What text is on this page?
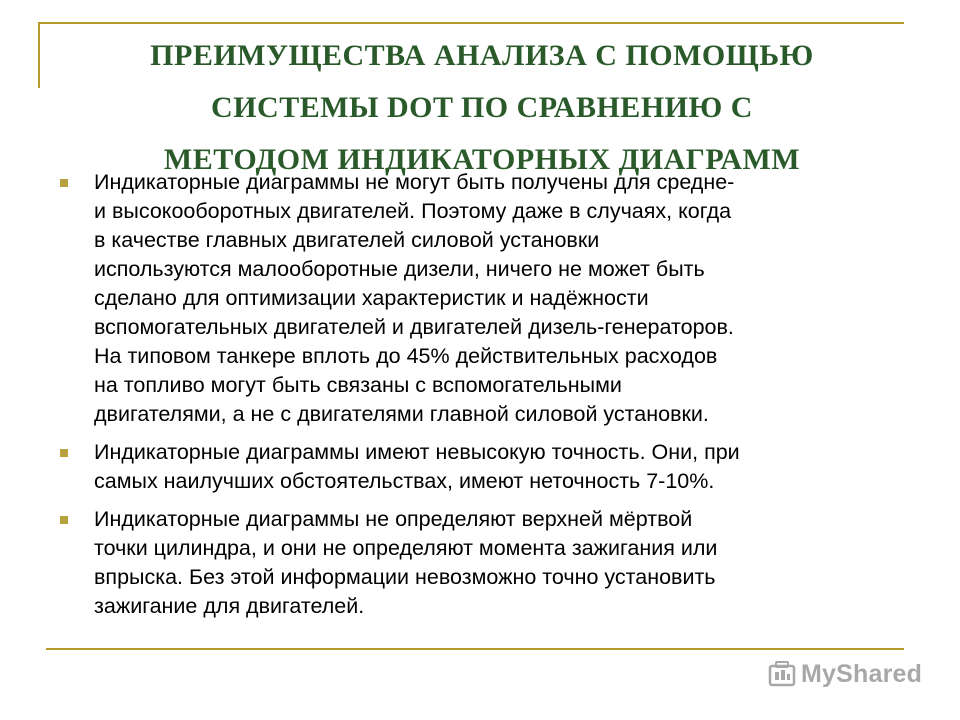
ПРЕИМУЩЕСТВА АНАЛИЗА С ПОМОЩЬЮ
СИСТЕМЫ DOT ПО СРАВНЕНИЮ С
МЕТОДОМ ИНДИКАТОРНЫХ ДИАГРАММ
Индикаторные диаграммы не могут быть получены для средне-
и высокооборотных двигателей. Поэтому даже в случаях, когда
в качестве главных двигателей силовой установки
используются малооборотные дизели, ничего не может быть
сделано для оптимизации характеристик и надёжности
вспомогательных двигателей и двигателей дизель-генераторов.
На типовом танкере вплоть до 45% действительных расходов
на топливо могут быть связаны с вспомогательными
двигателями, а не с двигателями главной силовой установки.
Индикаторные диаграммы имеют невысокую точность. Они, при
самых наилучших обстоятельствах, имеют неточность 7-10%.
Индикаторные диаграммы не определяют верхней мёртвой
точки цилиндра, и они не определяют момента зажигания или
впрыска. Без этой информации невозможно точно установить
зажигание для двигателей.
MyShared
